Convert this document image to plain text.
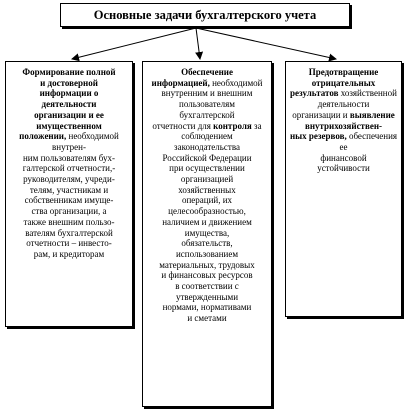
Основные задачи бухгалтерского учета
Формирование полной
и достоверной
информации о
деятельности
организации и ее
имущественном
положении, необходимой внутрен-
ним пользователям бух-
галтерской отчетности,-
руководителям, учреди-
телям, участникам и
собственникам имуще-
ства организации, а
также внешним пользо-
вателям бухгалтерской
отчетности – инвесто-
рам, и кредиторам
Обеспечение
информацией, необходимой
внутренним и внешним
пользователям
бухгалтерской
отчетности для контроля за соблюдением
законодательства
Российской Федерации
при осуществлении
организацией
хозяйственных
операций, их
целесообразностью,
наличием и движением
имущества,
обязательств,
использованием
материальных, трудовых
и финансовых ресурсов
в соответствии с
утвержденными
нормами, нормативами
и сметами
Предотвращение
отрицательных
результатов хозяйственной
деятельности
организации и выявление
внутрихозяйствен-
ных резервов, обеспечения ее
финансовой
устойчивости
